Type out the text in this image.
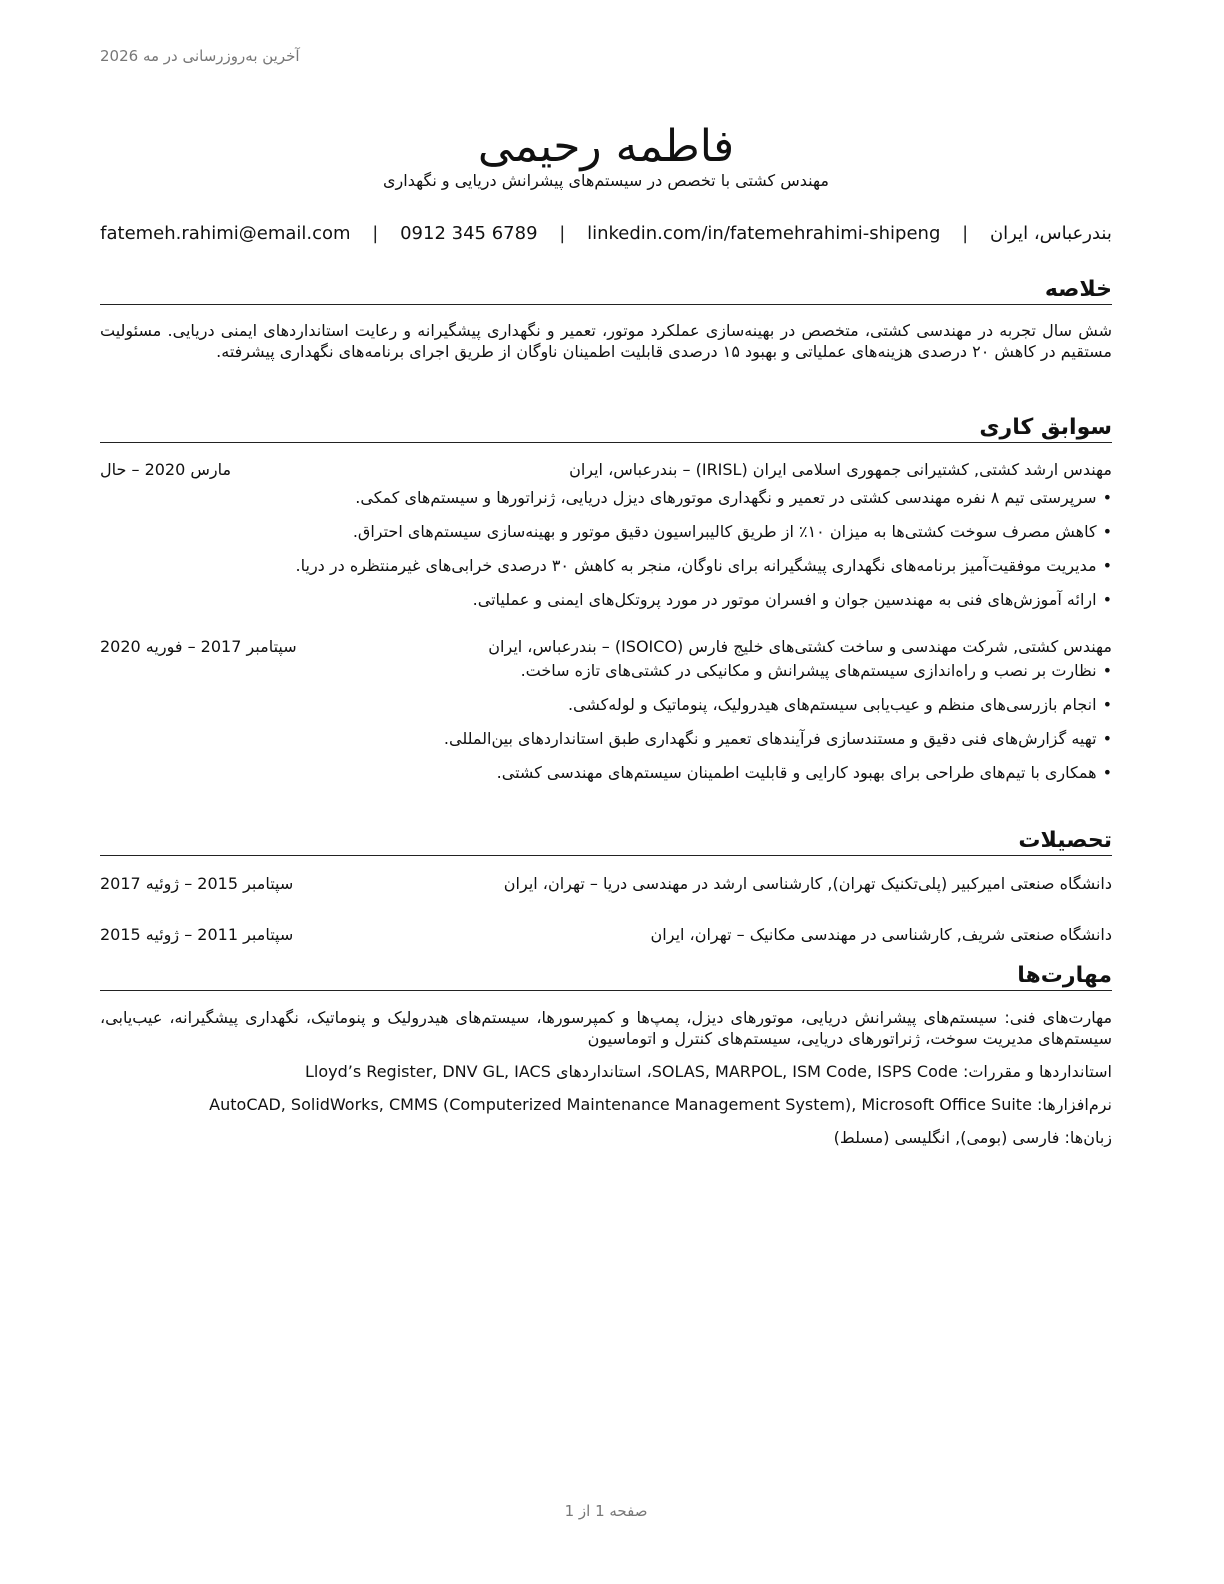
آخرین به‌روزرسانی در مه 2026
فاطمه رحیمی
مهندس کشتی با تخصص در سیستم‌های پیشرانش دریایی و نگهداری
بندرعباس، ایران | fatemeh.rahimi@email.com | 0912 345 6789 | linkedin.com/in/fatemehrahimi-shipeng
خلاصه

شش سال تجربه در مهندسی کشتی، متخصص در بهینه‌سازی عملکرد موتور، تعمیر و نگهداری پیشگیرانه و رعایت استانداردهای ایمنی دریایی. مسئولیت مستقیم در کاهش ۲۰ درصدی هزینه‌های عملیاتی و بهبود ۱۵ درصدی قابلیت اطمینان ناوگان از طریق اجرای برنامه‌های نگهداری پیشرفته.

سوابق کاری
مهندس ارشد کشتی, کشتیرانی جمهوری اسلامی ایران (IRISL) – بندرعباس، ایران
مارس 2020 – حال
• سرپرستی تیم ۸ نفره مهندسی کشتی در تعمیر و نگهداری موتورهای دیزل دریایی، ژنراتورها و سیستم‌های کمکی.
• کاهش مصرف سوخت کشتی‌ها به میزان ۱۰٪ از طریق کالیبراسیون دقیق موتور و بهینه‌سازی سیستم‌های احتراق.
• مدیریت موفقیت‌آمیز برنامه‌های نگهداری پیشگیرانه برای ناوگان، منجر به کاهش ۳۰ درصدی خرابی‌های غیرمنتظره در دریا.
• ارائه آموزش‌های فنی به مهندسین جوان و افسران موتور در مورد پروتکل‌های ایمنی و عملیاتی.
مهندس کشتی, شرکت مهندسی و ساخت کشتی‌های خلیج فارس (ISOICO) – بندرعباس، ایران
سپتامبر 2017 – فوریه 2020
• نظارت بر نصب و راه‌اندازی سیستم‌های پیشرانش و مکانیکی در کشتی‌های تازه ساخت.
• انجام بازرسی‌های منظم و عیب‌یابی سیستم‌های هیدرولیک، پنوماتیک و لوله‌کشی.
• تهیه گزارش‌های فنی دقیق و مستندسازی فرآیندهای تعمیر و نگهداری طبق استانداردهای بین‌المللی.
• همکاری با تیم‌های طراحی برای بهبود کارایی و قابلیت اطمینان سیستم‌های مهندسی کشتی.
تحصیلات
دانشگاه صنعتی امیرکبیر (پلی‌تکنیک تهران), کارشناسی ارشد در مهندسی دریا – تهران، ایران
سپتامبر 2015 – ژوئیه 2017
دانشگاه صنعتی شریف, کارشناسی در مهندسی مکانیک – تهران، ایران
سپتامبر 2011 – ژوئیه 2015
مهارت‌ها

مهارت‌های فنی: سیستم‌های پیشرانش دریایی، موتورهای دیزل، پمپ‌ها و کمپرسورها، سیستم‌های هیدرولیک و پنوماتیک، نگهداری پیشگیرانه، عیب‌یابی، سیستم‌های مدیریت سوخت، ژنراتورهای دریایی، سیستم‌های کنترل و اتوماسیون

استانداردها و مقررات: SOLAS, MARPOL, ISM Code, ISPS Code، استانداردهای Lloyd’s Register, DNV GL, IACS

نرم‌افزارها: AutoCAD, SolidWorks, CMMS (Computerized Maintenance Management System), Microsoft Office Suite

زبان‌ها: فارسی (بومی), انگلیسی (مسلط)

صفحه 1 از 1
